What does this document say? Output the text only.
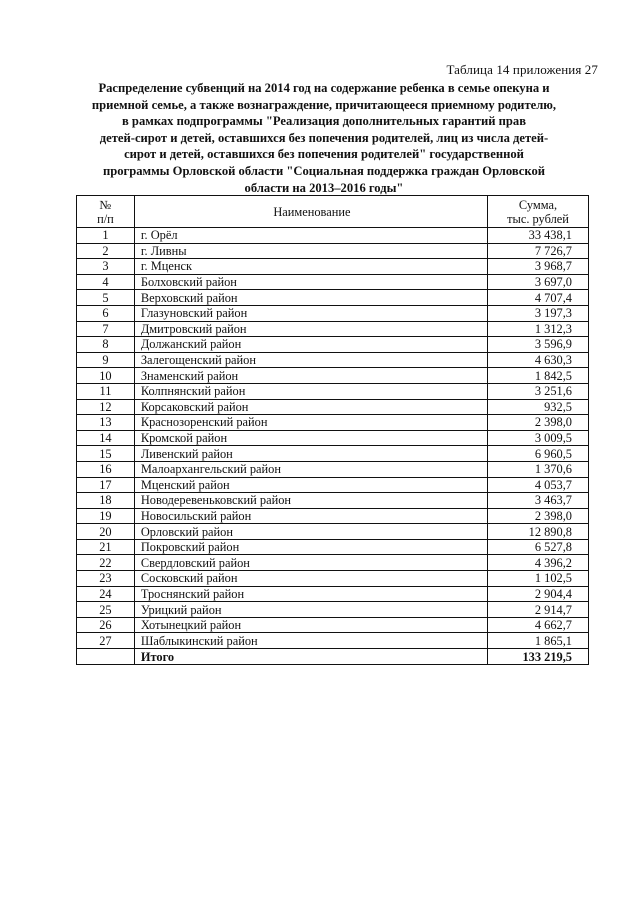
Таблица 14 приложения 27
Распределение субвенций на 2014 год на содержание ребенка в семье опекуна и
приемной семье, а также вознаграждение, причитающееся приемному родителю,
в рамках подпрограммы "Реализация дополнительных гарантий прав
детей-сирот и детей, оставшихся без попечения родителей, лиц из числа детей-
сирот и детей, оставшихся без попечения родителей" государственной
программы Орловской области "Социальная поддержка граждан Орловской
области на 2013–2016 годы"
№
п/п	Наименование	Сумма,
тыс. рублей
1	г. Орёл	33 438,1
2	г. Ливны	7 726,7
3	г. Мценск	3 968,7
4	Болховский район	3 697,0
5	Верховский район	4 707,4
6	Глазуновский район	3 197,3
7	Дмитровский район	1 312,3
8	Должанский район	3 596,9
9	Залегощенский район	4 630,3
10	Знаменский район	1 842,5
11	Колпнянский район	3 251,6
12	Корсаковский район	932,5
13	Краснозоренский район	2 398,0
14	Кромской район	3 009,5
15	Ливенский район	6 960,5
16	Малоархангельский район	1 370,6
17	Мценский район	4 053,7
18	Новодеревеньковский район	3 463,7
19	Новосильский район	2 398,0
20	Орловский район	12 890,8
21	Покровский район	6 527,8
22	Свердловский район	4 396,2
23	Сосковский район	1 102,5
24	Троснянский район	2 904,4
25	Урицкий район	2 914,7
26	Хотынецкий район	4 662,7
27	Шаблыкинский район	1 865,1
	Итого	133 219,5
